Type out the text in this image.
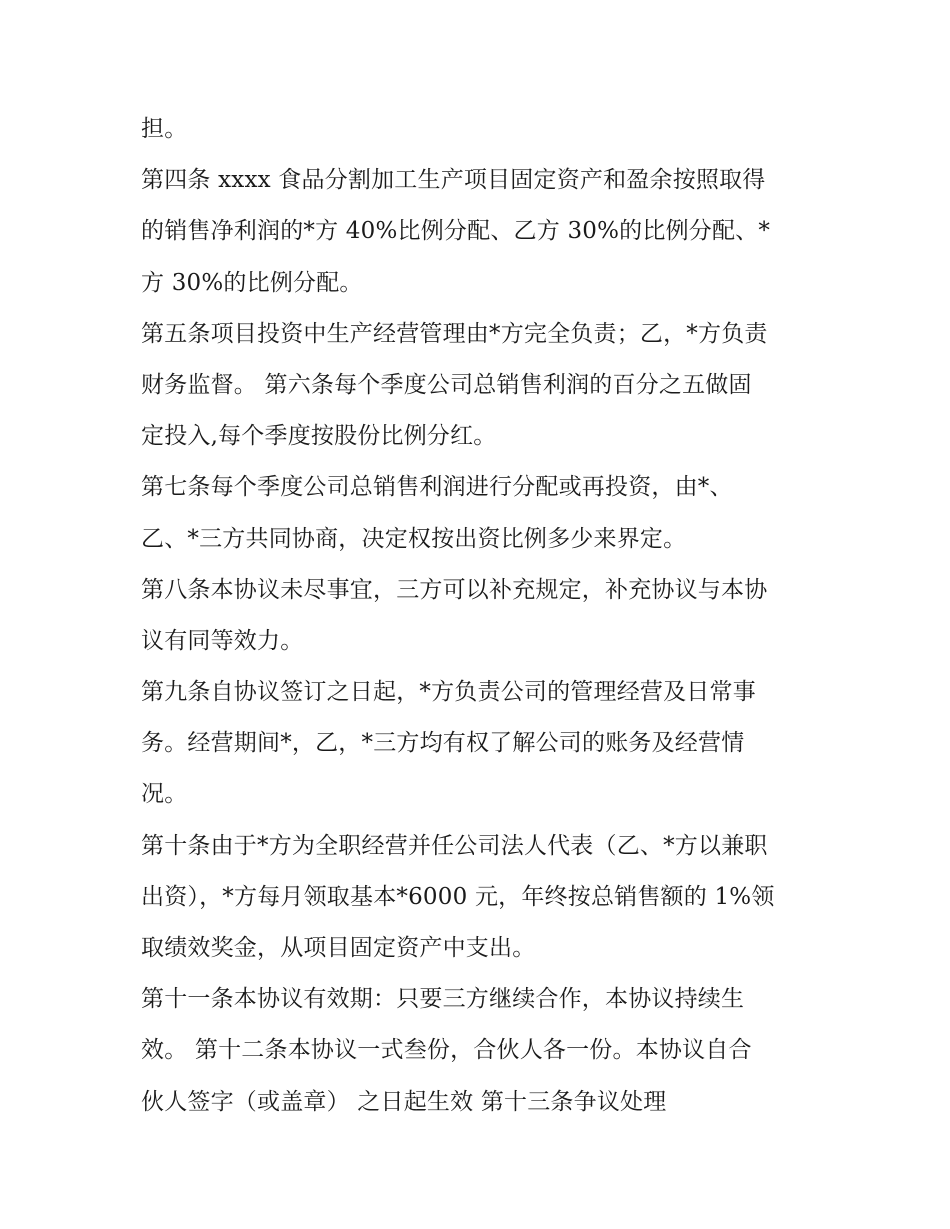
担。
第四条 xxxx 食品分割加工生产项目固定资产和盈余按照取得
的销售净利润的*方 40%比例分配、乙方 30%的比例分配、*
方 30%的比例分配。
第五条项目投资中生产经营管理由*方完全负责；乙，*方负责
财务监督。 第六条每个季度公司总销售利润的百分之五做固
定投入,每个季度按股份比例分红。
第七条每个季度公司总销售利润进行分配或再投资，由*、
乙、*三方共同协商，决定权按出资比例多少来界定。
第八条本协议未尽事宜，三方可以补充规定，补充协议与本协
议有同等效力。
第九条自协议签订之日起，*方负责公司的管理经营及日常事
务。经营期间*，乙，*三方均有权了解公司的账务及经营情
况。
第十条由于*方为全职经营并任公司法人代表（乙、*方以兼职
出资），*方每月领取基本*6000 元，年终按总销售额的 1%领
取绩效奖金，从项目固定资产中支出。
第十一条本协议有效期：只要三方继续合作，本协议持续生
效。 第十二条本协议一式叁份，合伙人各一份。本协议自合
伙人签字（或盖章） 之日起生效 第十三条争议处理
